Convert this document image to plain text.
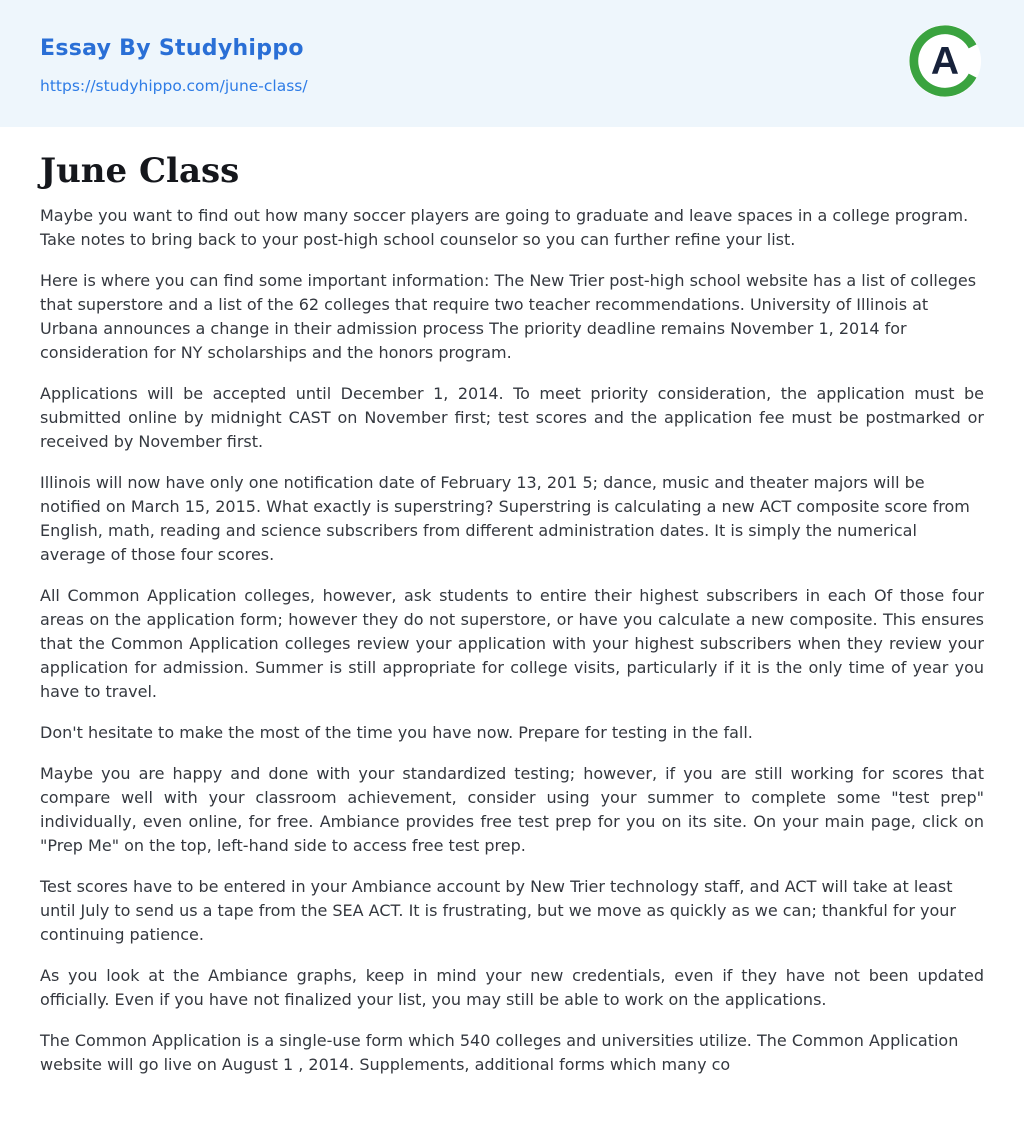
Essay By Studyhippo
https://studyhippo.com/june-class/
A
June Class

Maybe you want to find out how many soccer players are going to graduate and leave spaces in a college program. Take notes to bring back to your post-high school counselor so you can further refine your list.

Here is where you can find some important information: The New Trier post-high school website has a list of colleges that superstore and a list of the 62 colleges that require two teacher recommendations. University of Illinois at Urbana announces a change in their admission process The priority deadline remains November 1, 2014 for consideration for NY scholarships and the honors program.

Applications will be accepted until December 1, 2014. To meet priority consideration, the application must be submitted online by midnight CAST on November first; test scores and the application fee must be postmarked or received by November first.

Illinois will now have only one notification date of February 13, 201 5; dance, music and theater majors will be notified on March 15, 2015. What exactly is superstring? Superstring is calculating a new ACT composite score from English, math, reading and science subscribers from different administration dates. It is simply the numerical average of those four scores.

All Common Application colleges, however, ask students to entire their highest subscribers in each Of those four areas on the application form; however they do not superstore, or have you calculate a new composite. This ensures that the Common Application colleges review your application with your highest subscribers when they review your application for admission. Summer is still appropriate for college visits, particularly if it is the only time of year you have to travel.

Don't hesitate to make the most of the time you have now. Prepare for testing in the fall.

Maybe you are happy and done with your standardized testing; however, if you are still working for scores that compare well with your classroom achievement, consider using your summer to complete some "test prep" individually, even online, for free. Ambiance provides free test prep for you on its site. On your main page, click on "Prep Me" on the top, left-hand side to access free test prep.

Test scores have to be entered in your Ambiance account by New Trier technology staff, and ACT will take at least until July to send us a tape from the SEA ACT. It is frustrating, but we move as quickly as we can; thankful for your continuing patience.

As you look at the Ambiance graphs, keep in mind your new credentials, even if they have not been updated officially. Even if you have not finalized your list, you may still be able to work on the applications.

The Common Application is a single-use form which 540 colleges and universities utilize. The Common Application website will go live on August 1 , 2014. Supplements, additional forms which many co
